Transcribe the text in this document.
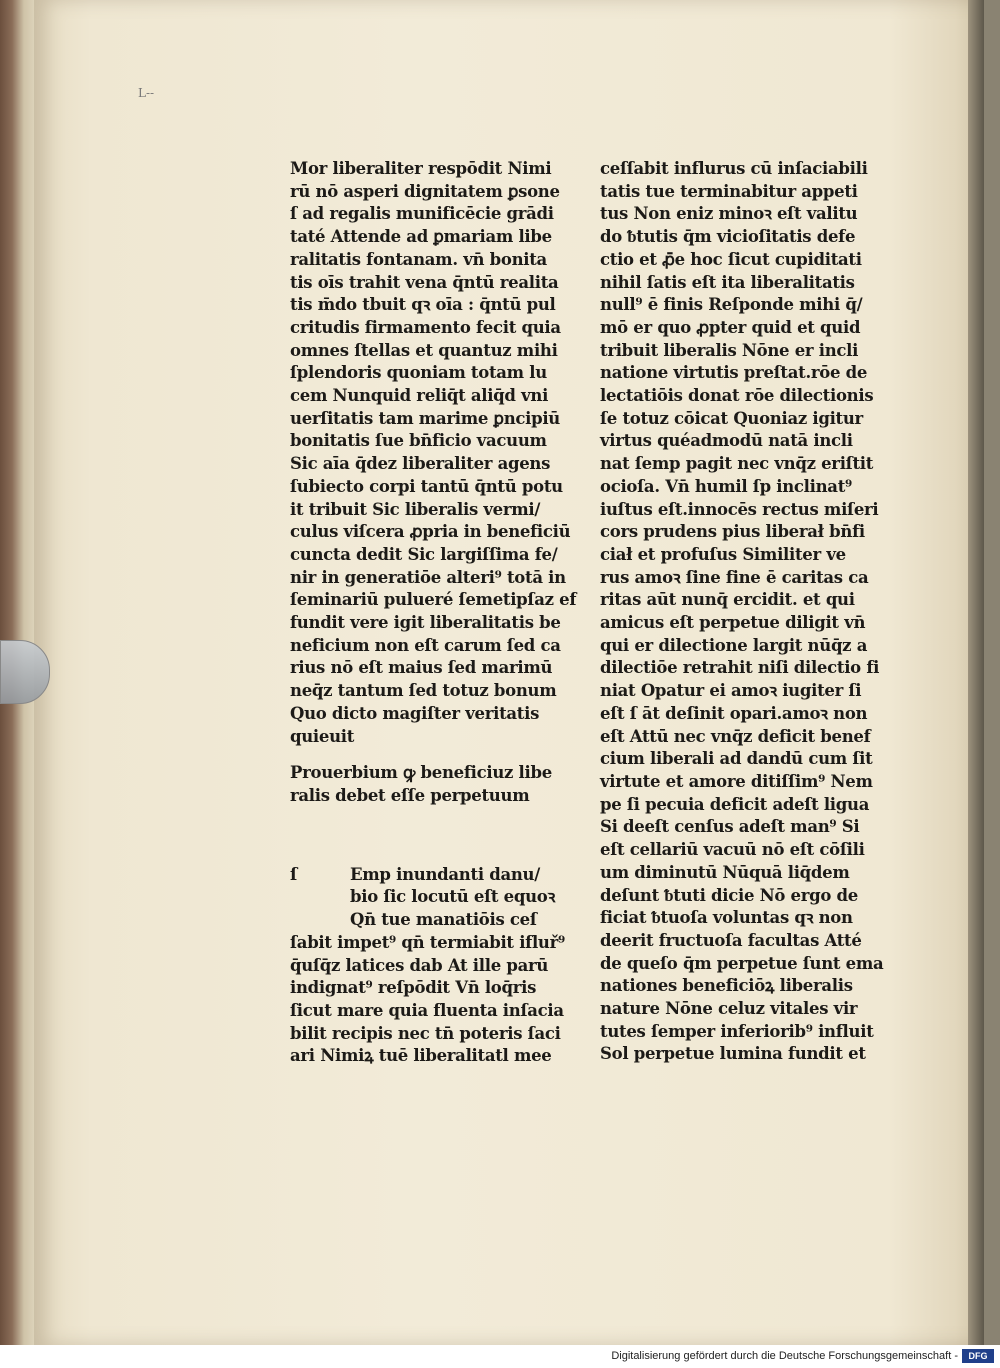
L--
Mor liberaliter respōdit Nimi
rū nō asperi dignitatem ꝑsone
ſ ad regalis munificēcie grādi
taté Attende ad ꝑmariam libe
ralitatis fontanam. vn̄ bonita
tis oīs trahit vena q̄ntū realita
tis m̄do tbuit qꝛ oīa : q̄ntū pul
critudis firmamento fecit quia
omnes ſtellas et quantuz mihi
ſplendoris quoniam totam lu
cem Nunquid reliq̄t aliq̄d vni
uerſitatis tam marime ꝑncipiū
bonitatis ſue bn̄ficio vacuum
Sic aīa q̄dez liberaliter agens
ſubiecto corpi tantū q̄ntū potu
it tribuit Sic liberalis vermi/
culus viſcera ꝓpria in beneficiū
cuncta dedit Sic largiſſima fe/
nir in generatiōe alteri⁹ totā in
ſeminariū pulueré ſemetipſaz ef
fundit vere igit liberalitatis be
neficium non eſt carum ſed ca
rius nō eſt maius ſed marimū
neq̄z tantum ſed totuz bonum
Quo dicto magiſter veritatis
quieuit
Prouerbium ꝙ beneficiuz libe
ralis debet eſſe perpetuum
ſ	Emp inundanti danu/
bio ſic locutū eſt equoꝛ
Qn̄ tue manatiōis ceſ
ſabit impet⁹ qn̄ termiabit ifluř⁹
q̄uſq̄z latices dab At ille parū
indignat⁹ reſpōdit Vn̄ loq̄ris
ſicut mare quia fluenta inſacia
bilit recipis nec tn̄ poteris ſaci
ari Nimiꝝ tuē liberalitatl mee
ceſſabit influrus cū inſaciabili
tatis tue terminabitur appeti
tus Non eniz minoꝛ eſt valitu
do ᵬtutis q̄m vicioſitatis defe
ctio et ꝓ̄e hoc ſicut cupiditati
nihil ſatis eſt ita liberalitatis
null⁹ ē finis Reſponde mihi q̄/
mō er quo ꝓpter quid et quid
tribuit liberalis Nōne er incli
natione virtutis preſtat.rōe de
lectatiōis donat rōe dilectionis
ſe totuz cōicat Quoniaz igitur
virtus quéadmodū natā incli
nat ſemp pagit nec vnq̄z eriſtit
ocioſa. Vn̄ humil ſp inclinat⁹
iuſtus eſt.innocēs rectus miſeri
cors prudens pius liberał bn̄fi
ciał et profuſus Similiter ve
rus amoꝛ ſine fine ē caritas ca
ritas aūt nunq̄ ercidit. et qui
amicus eſt perpetue diligit vn̄
qui er dilectione largit nūq̄z a
dilectiōe retrahit niſi dilectio fi
niat Opatur ei amoꝛ iugiter ſi
eſt ſ āt deſinit opari.amoꝛ non
eſt Attū nec vnq̄z deficit benef
cium liberali ad dandū cum ſit
virtute et amore ditiſſim⁹ Nem
pe ſi pecuia deficit adeſt ligua
Si deeſt cenſus adeſt man⁹ Si
eſt cellariū vacuū nō eſt cōſili
um diminutū Nūquā liq̄dem
deſunt ᵬtuti dicie Nō ergo de
ficiat ᵬtuoſa voluntas qꝛ non
deerit fructuoſa facultas Atté
de queſo q̄m perpetue ſunt ema
nationes beneficiōꝝ liberalis
nature Nōne celuz vitales vir
tutes ſemper inferiorib⁹ influit
Sol perpetue lumina fundit et
Digitalisierung gefördert durch die Deutsche Forschungsgemeinschaft -	DFG
